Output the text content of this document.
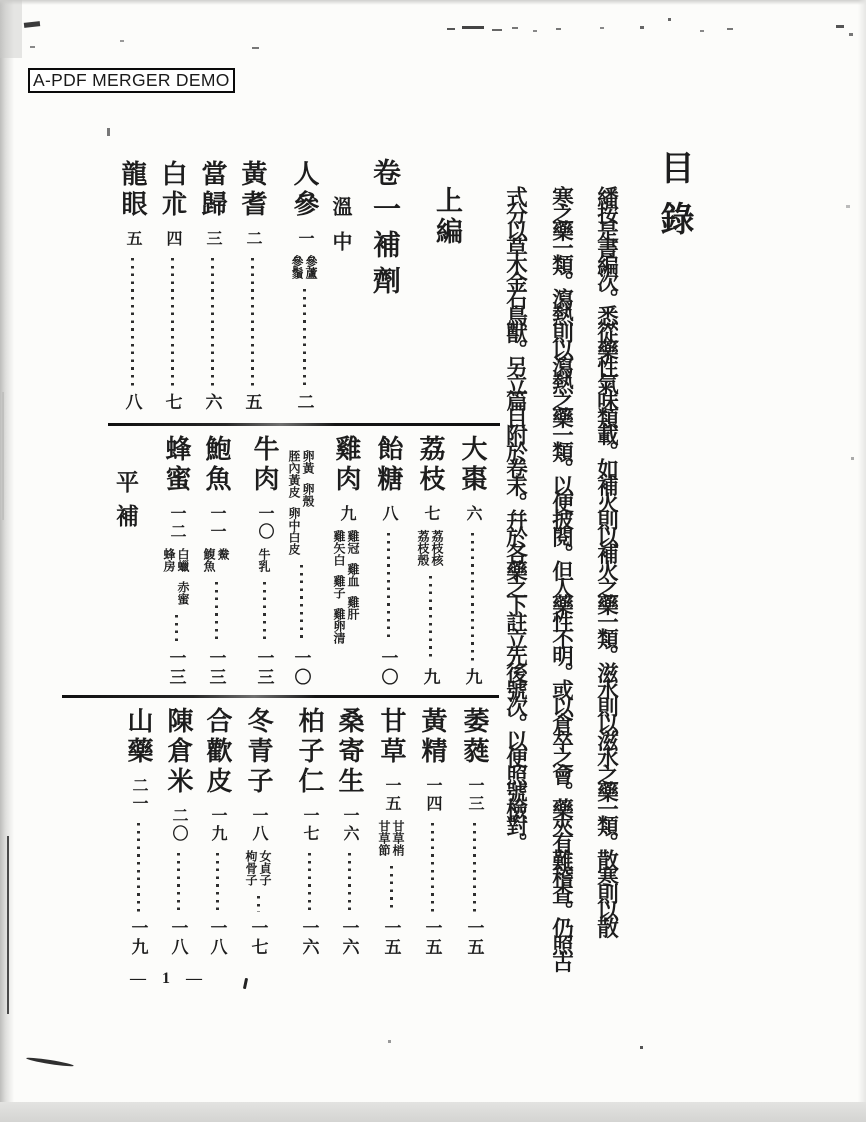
A-PDF MERGER DEMO
目錄
繙按是書編次。悉從藥性氣味類載。如補火則以補火之藥一類。滋水則以滋水之藥一類。散寒則以散
寒之藥一類。瀉熱則以瀉熱之藥一類。以便披閱。但人藥性不明。或以倉卒之會。藥夾有難稽查。仍照古
式分以草木金石鳥獸。另立篇目附於卷末。幷於各藥之下註立先後號次。以便照號檢對。
上編
卷一補劑
溫中
平補
人參
一
參蘆
參鬚
二
黃耆
二
五
當歸
三
六
白朮
四
七
龍眼
五
八
大棗
六
九
荔枝
七
荔枝核
荔枝殼
九
飴糖
八
一〇
雞肉
九
雞冠
雞血
雞肝
雞矢白
雞子
雞卵清
卵黃
卵殼
胵內黃皮
卵中白皮
一〇
牛肉
一〇
牛乳
一三
鮑魚
一一
鮝
鰒魚
一三
蜂蜜
一二
白蠟
赤蜜
蜂房
一三
萎蕤
一三
一五
黃精
一四
一五
甘草
一五
甘草梢
甘草節
一五
桑寄生
一六
一六
柏子仁
一七
一六
冬青子
一八
女貞子
枸骨子
一七
合歡皮
一九
一八
陳倉米
二〇
一八
山藥
二一
一九
— 1 —
